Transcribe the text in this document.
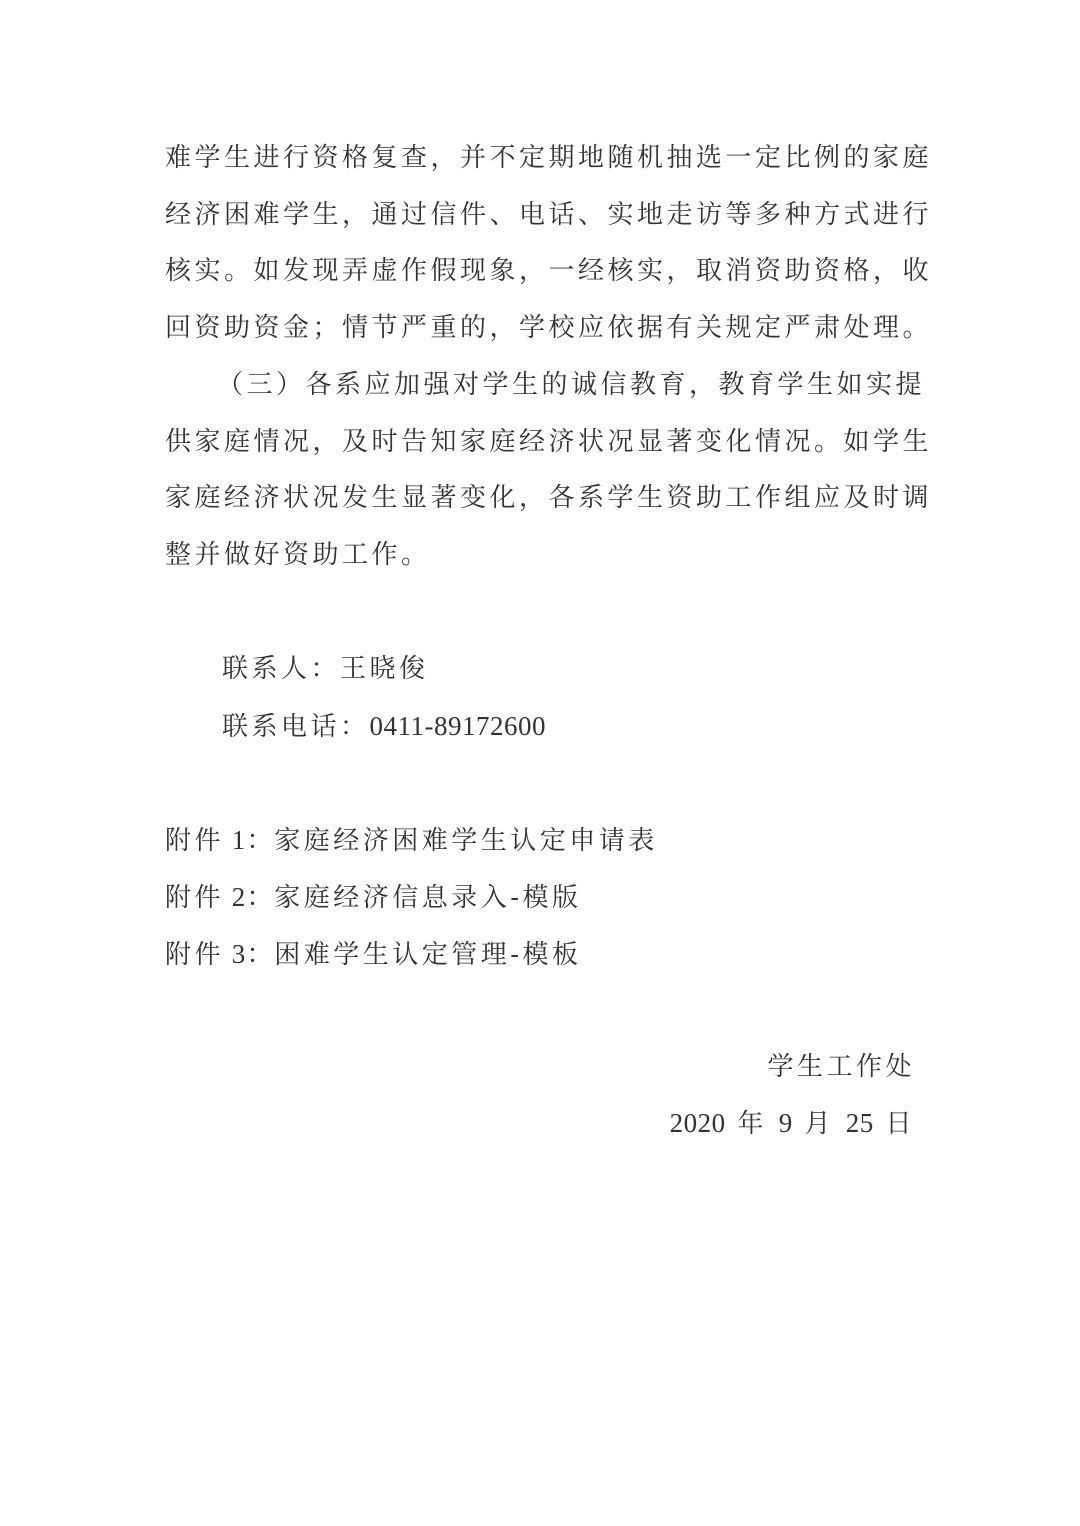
难学生进行资格复查，并不定期地随机抽选一定比例的家庭
经济困难学生，通过信件、电话、实地走访等多种方式进行
核实。如发现弄虚作假现象，一经核实，取消资助资格，收
回资助资金；情节严重的，学校应依据有关规定严肃处理。
（三）各系应加强对学生的诚信教育，教育学生如实提
供家庭情况，及时告知家庭经济状况显著变化情况。如学生
家庭经济状况发生显著变化，各系学生资助工作组应及时调
整并做好资助工作。
联系人：王晓俊
联系电话：0411-89172600
附件 1：家庭经济困难学生认定申请表
附件 2：家庭经济信息录入-模版
附件 3：困难学生认定管理-模板
学生工作处
2020 年 9 月 25 日
